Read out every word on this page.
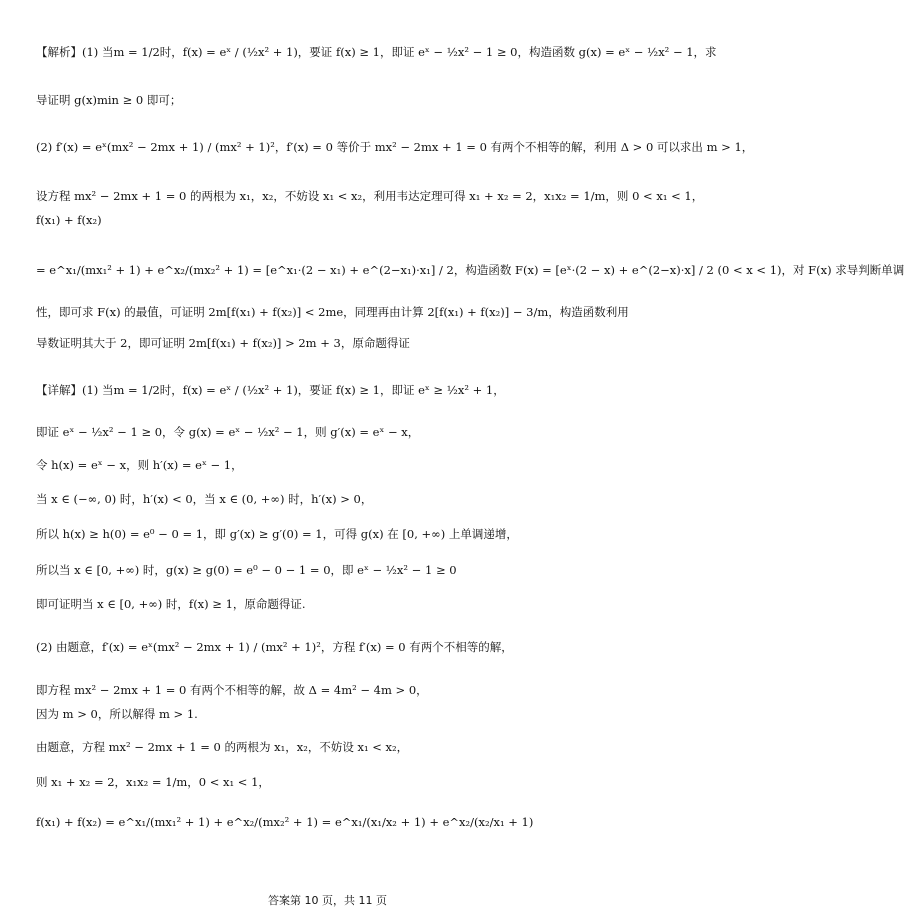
【解析】(1) 当m = 1/2时，f(x) = eˣ / (½x² + 1)，要证 f(x) ≥ 1，即证 eˣ − ½x² − 1 ≥ 0，构造函数 g(x) = eˣ − ½x² − 1，求
导证明 g(x)min ≥ 0 即可；
(2) f′(x) = eˣ(mx² − 2mx + 1) / (mx² + 1)²，f′(x) = 0 等价于 mx² − 2mx + 1 = 0 有两个不相等的解，利用 Δ > 0 可以求出 m > 1，
设方程 mx² − 2mx + 1 = 0 的两根为 x₁，x₂，不妨设 x₁ < x₂，利用韦达定理可得 x₁ + x₂ = 2，x₁x₂ = 1/m，则 0 < x₁ < 1，
f(x₁) + f(x₂)
= e^x₁/(mx₁² + 1) + e^x₂/(mx₂² + 1) = [e^x₁·(2 − x₁) + e^(2−x₁)·x₁] / 2，构造函数 F(x) = [eˣ·(2 − x) + e^(2−x)·x] / 2 (0 < x < 1)，对 F(x) 求导判断单调
性，即可求 F(x) 的最值，可证明 2m[f(x₁) + f(x₂)] < 2me，同理再由计算 2[f(x₁) + f(x₂)] − 3/m，构造函数利用
导数证明其大于 2，即可证明 2m[f(x₁) + f(x₂)] > 2m + 3，原命题得证
【详解】(1) 当m = 1/2时，f(x) = eˣ / (½x² + 1)，要证 f(x) ≥ 1，即证 eˣ ≥ ½x² + 1，
即证 eˣ − ½x² − 1 ≥ 0，令 g(x) = eˣ − ½x² − 1，则 g′(x) = eˣ − x，
令 h(x) = eˣ − x，则 h′(x) = eˣ − 1，
当 x ∈ (−∞, 0) 时，h′(x) < 0，当 x ∈ (0, +∞) 时，h′(x) > 0，
所以 h(x) ≥ h(0) = e⁰ − 0 = 1，即 g′(x) ≥ g′(0) = 1，可得 g(x) 在 [0, +∞) 上单调递增，
所以当 x ∈ [0, +∞) 时，g(x) ≥ g(0) = e⁰ − 0 − 1 = 0，即 eˣ − ½x² − 1 ≥ 0
即可证明当 x ∈ [0, +∞) 时，f(x) ≥ 1，原命题得证.
(2) 由题意，f′(x) = eˣ(mx² − 2mx + 1) / (mx² + 1)²，方程 f′(x) = 0 有两个不相等的解，
即方程 mx² − 2mx + 1 = 0 有两个不相等的解，故 Δ = 4m² − 4m > 0，
因为 m > 0，所以解得 m > 1.
由题意，方程 mx² − 2mx + 1 = 0 的两根为 x₁，x₂，不妨设 x₁ < x₂，
则 x₁ + x₂ = 2，x₁x₂ = 1/m，0 < x₁ < 1，
f(x₁) + f(x₂) = e^x₁/(mx₁² + 1) + e^x₂/(mx₂² + 1) = e^x₁/(x₁/x₂ + 1) + e^x₂/(x₂/x₁ + 1)
答案第 10 页，共 11 页
